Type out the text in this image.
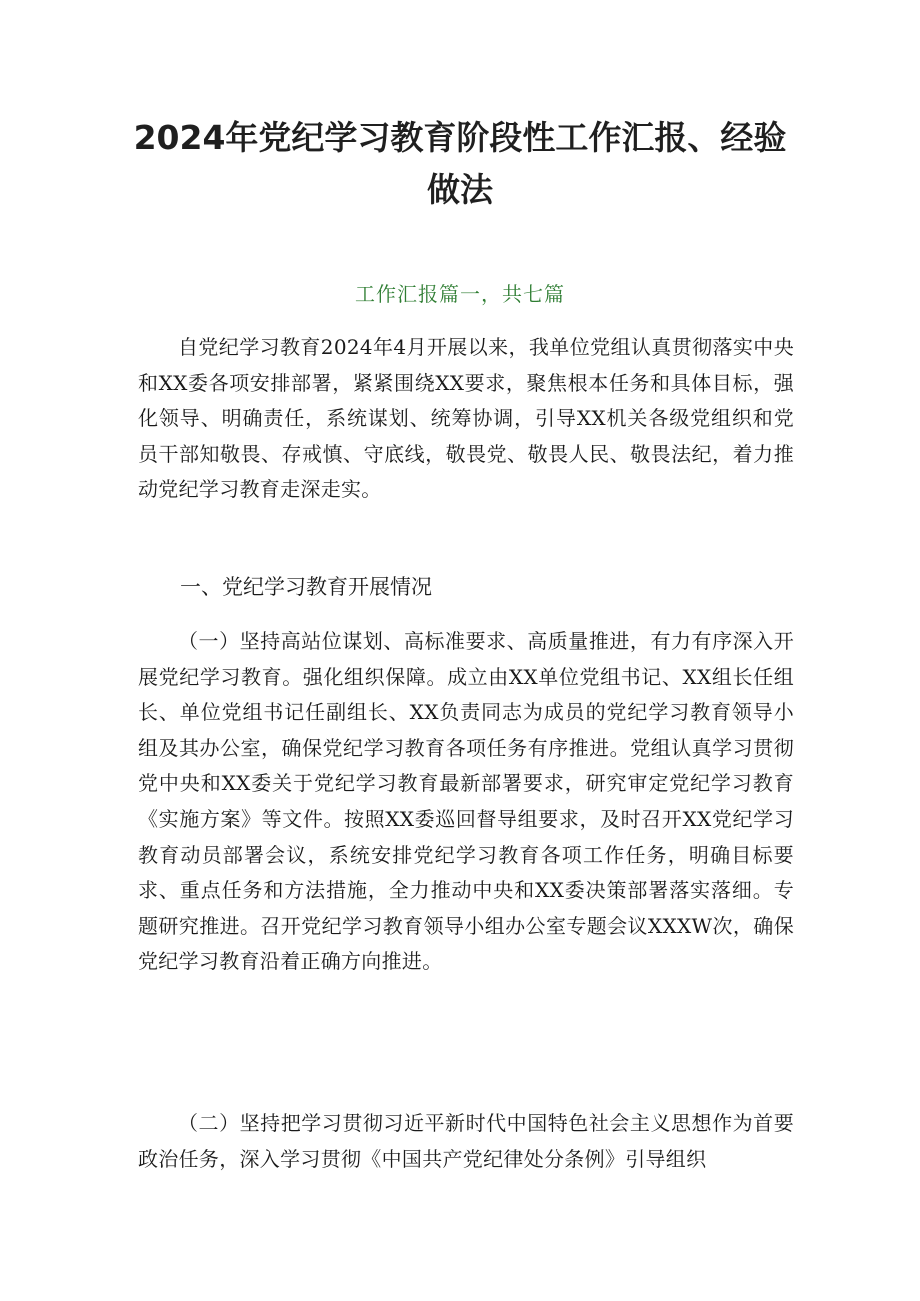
2024年党纪学习教育阶段性工作汇报、经验做法
工作汇报篇一，共七篇
自党纪学习教育2024年4月开展以来，我单位党组认真贯彻落实中央和XX委各项安排部署，紧紧围绕XX要求，聚焦根本任务和具体目标，强化领导、明确责任，系统谋划、统筹协调，引导XX机关各级党组织和党员干部知敬畏、存戒慎、守底线，敬畏党、敬畏人民、敬畏法纪，着力推动党纪学习教育走深走实。
一、党纪学习教育开展情况
（一）坚持高站位谋划、高标准要求、高质量推进，有力有序深入开展党纪学习教育。强化组织保障。成立由XX单位党组书记、XX组长任组长、单位党组书记任副组长、XX负责同志为成员的党纪学习教育领导小组及其办公室，确保党纪学习教育各项任务有序推进。党组认真学习贯彻党中央和XX委关于党纪学习教育最新部署要求，研究审定党纪学习教育《实施方案》等文件。按照XX委巡回督导组要求，及时召开XX党纪学习教育动员部署会议，系统安排党纪学习教育各项工作任务，明确目标要求、重点任务和方法措施，全力推动中央和XX委决策部署落实落细。专题研究推进。召开党纪学习教育领导小组办公室专题会议XXXW次，确保党纪学习教育沿着正确方向推进。
（二）坚持把学习贯彻习近平新时代中国特色社会主义思想作为首要政治任务，深入学习贯彻《中国共产党纪律处分条例》引导组织
